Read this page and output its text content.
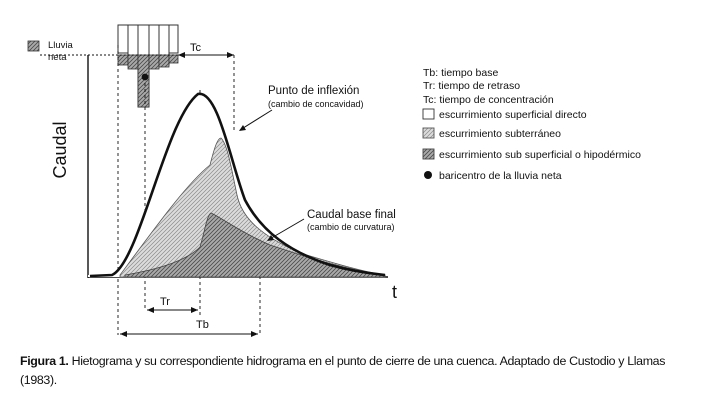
Caudal
t
Lluvia
neta
Tc
Punto de inflexión
(cambio de concavidad)
Caudal base final
(cambio de curvatura)
Tr
Tb
Tb: tiempo base
Tr: tiempo de retraso
Tc: tiempo de concentración
escurrimiento superficial directo
escurrimiento subterráneo
escurrimiento sub superficial o hipodérmico
baricentro de la lluvia neta
Figura 1. Hietograma y su correspondiente hidrograma en el punto de cierre de una cuenca. Adaptado de Custodio y Llamas (1983).
